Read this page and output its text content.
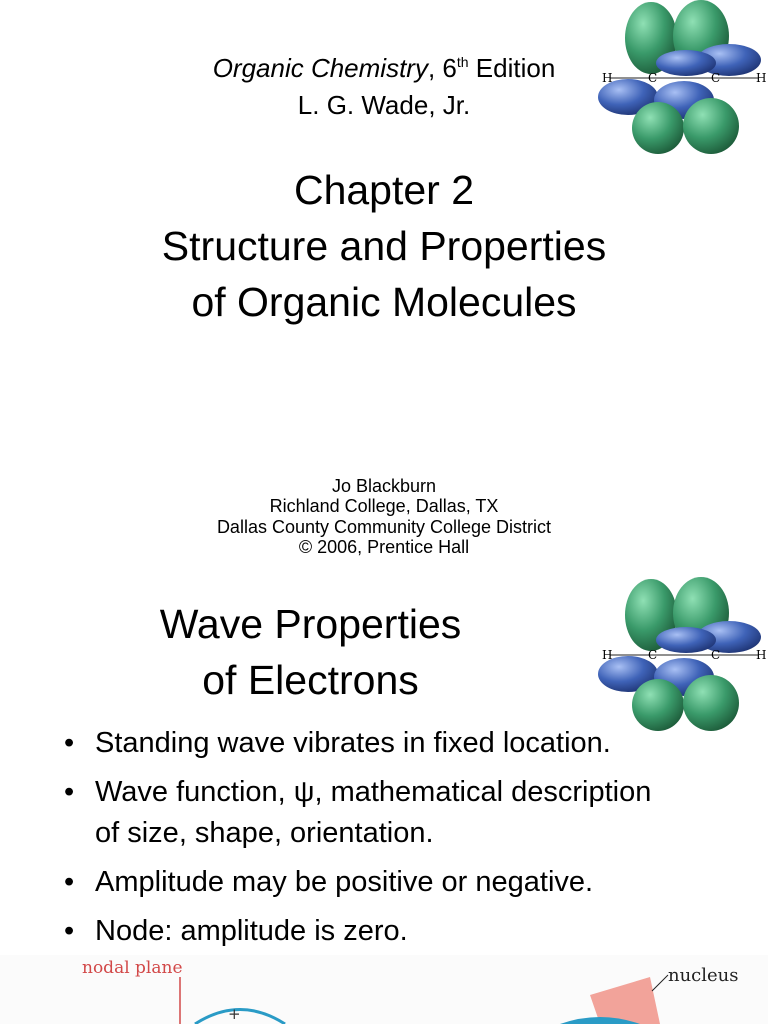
Organic Chemistry, 6th Edition
L. G. Wade, Jr.
Chapter 2
Structure and Properties
of Organic Molecules
Jo Blackburn
Richland College, Dallas, TX
Dallas County Community College District
© 2006, Prentice Hall
H	C	C	H
Wave Properties
of Electrons
H	C	C	H
• Standing wave vibrates in fixed location.
• Wave function, ψ, mathematical description of size, shape, orientation.
• Amplitude may be positive or negative.
• Node: amplitude is zero.
nodal plane
+
nucleus
